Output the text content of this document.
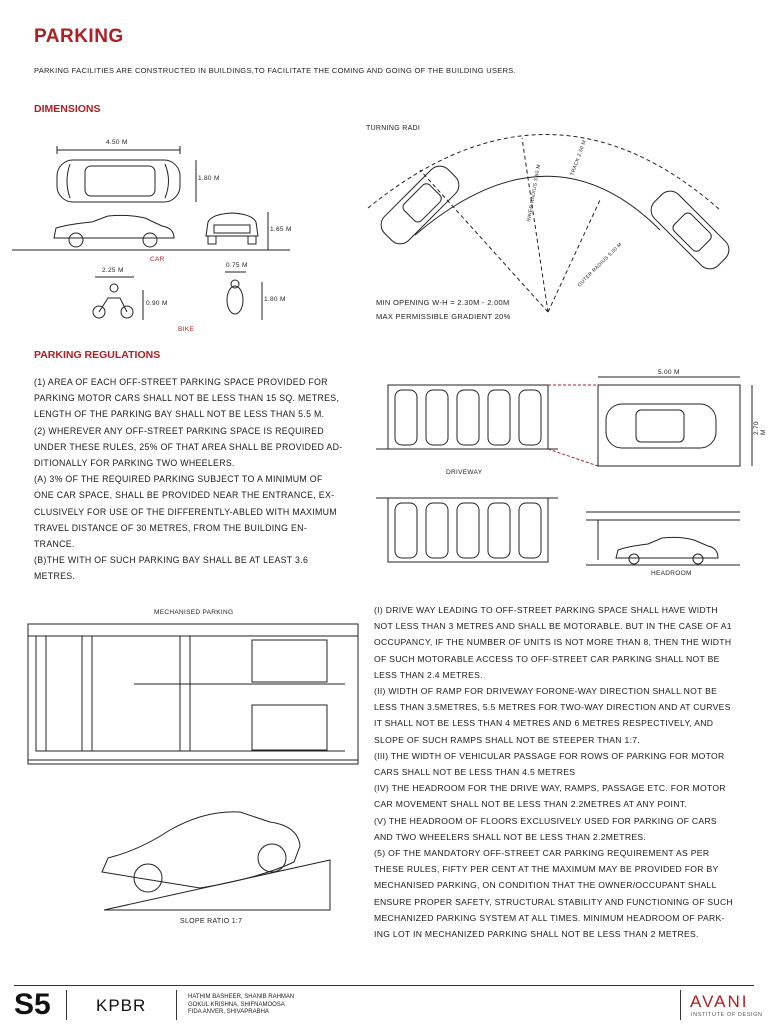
PARKING
PARKING FACILITIES ARE CONSTRUCTED IN BUILDINGS,TO FACILITATE THE COMING AND GOING OF THE BUILDING USERS.
DIMENSIONS
4.50 M
1.80 M
1.65 M
CAR
2.25 M
0.75 M
0.90 M
1.80 M
BIKE
TURNING RADI
INNER RADIUS 3.50 M
TRACK 2.50 M
OUTER RADIUS 5.00 M
MIN OPENING W-H = 2.30M - 2.00M
MAX PERMISSIBLE GRADIENT 20%
PARKING REGULATIONS
(1) AREA OF EACH OFF-STREET PARKING SPACE PROVIDED FOR
PARKING MOTOR CARS SHALL NOT BE LESS THAN 15 SQ. METRES,
LENGTH OF THE PARKING BAY SHALL NOT BE LESS THAN 5.5 M.
(2) WHEREVER ANY OFF-STREET PARKING SPACE IS REQUIRED
UNDER THESE RULES, 25% OF THAT AREA SHALL BE PROVIDED AD-
DITIONALLY FOR PARKING TWO WHEELERS.
(A) 3% OF THE REQUIRED PARKING SUBJECT TO A MINIMUM OF
ONE CAR SPACE, SHALL BE PROVIDED NEAR THE ENTRANCE, EX-
CLUSIVELY FOR USE OF THE DIFFERENTLY-ABLED WITH MAXIMUM
TRAVEL DISTANCE OF 30 METRES, FROM THE BUILDING EN-
TRANCE.
(B)THE WITH OF SUCH PARKING BAY SHALL BE AT LEAST 3.6
METRES.
DRIVEWAY
5.00 M
2.70 M
HEADROOM
MECHANISED PARKING
SLOPE RATIO 1:7
(I) DRIVE WAY LEADING TO OFF-STREET PARKING SPACE SHALL HAVE WIDTH
NOT LESS THAN 3 METRES AND SHALL BE MOTORABLE. BUT IN THE CASE OF A1
OCCUPANCY, IF THE NUMBER OF UNITS IS NOT MORE THAN 8, THEN THE WIDTH
OF SUCH MOTORABLE ACCESS TO OFF-STREET CAR PARKING SHALL NOT BE
LESS THAN 2.4 METRES.
(II) WIDTH OF RAMP FOR DRIVEWAY FORONE-WAY DIRECTION SHALL NOT BE
LESS THAN 3.5METRES, 5.5 METRES FOR TWO-WAY DIRECTION AND AT CURVES
IT SHALL NOT BE LESS THAN 4 METRES AND 6 METRES RESPECTIVELY, AND
SLOPE OF SUCH RAMPS SHALL NOT BE STEEPER THAN 1:7.
(III) THE WIDTH OF VEHICULAR PASSAGE FOR ROWS OF PARKING FOR MOTOR
CARS SHALL NOT BE LESS THAN 4.5 METRES
(IV) THE HEADROOM FOR THE DRIVE WAY, RAMPS, PASSAGE ETC. FOR MOTOR
CAR MOVEMENT SHALL NOT BE LESS THAN 2.2METRES AT ANY POINT.
(V) THE HEADROOM OF FLOORS EXCLUSIVELY USED FOR PARKING OF CARS
AND TWO WHEELERS SHALL NOT BE LESS THAN 2.2METRES.
(5) OF THE MANDATORY OFF-STREET CAR PARKING REQUIREMENT AS PER
THESE RULES, FIFTY PER CENT AT THE MAXIMUM MAY BE PROVIDED FOR BY
MECHANISED PARKING, ON CONDITION THAT THE OWNER/OCCUPANT SHALL
ENSURE PROPER SAFETY, STRUCTURAL STABILITY AND FUNCTIONING OF SUCH
MECHANIZED PARKING SYSTEM AT ALL TIMES. MINIMUM HEADROOM OF PARK-
ING LOT IN MECHANIZED PARKING SHALL NOT BE LESS THAN 2 METRES.
S5	KPBR	HATHIM BASHEER, SHANIB RAHMAN
GOKUL KRISHNA, SHIFNAMOOSA
FIDA ANVER, SHIVAPRABHA
AVANI
INSTITUTE OF DESIGN
